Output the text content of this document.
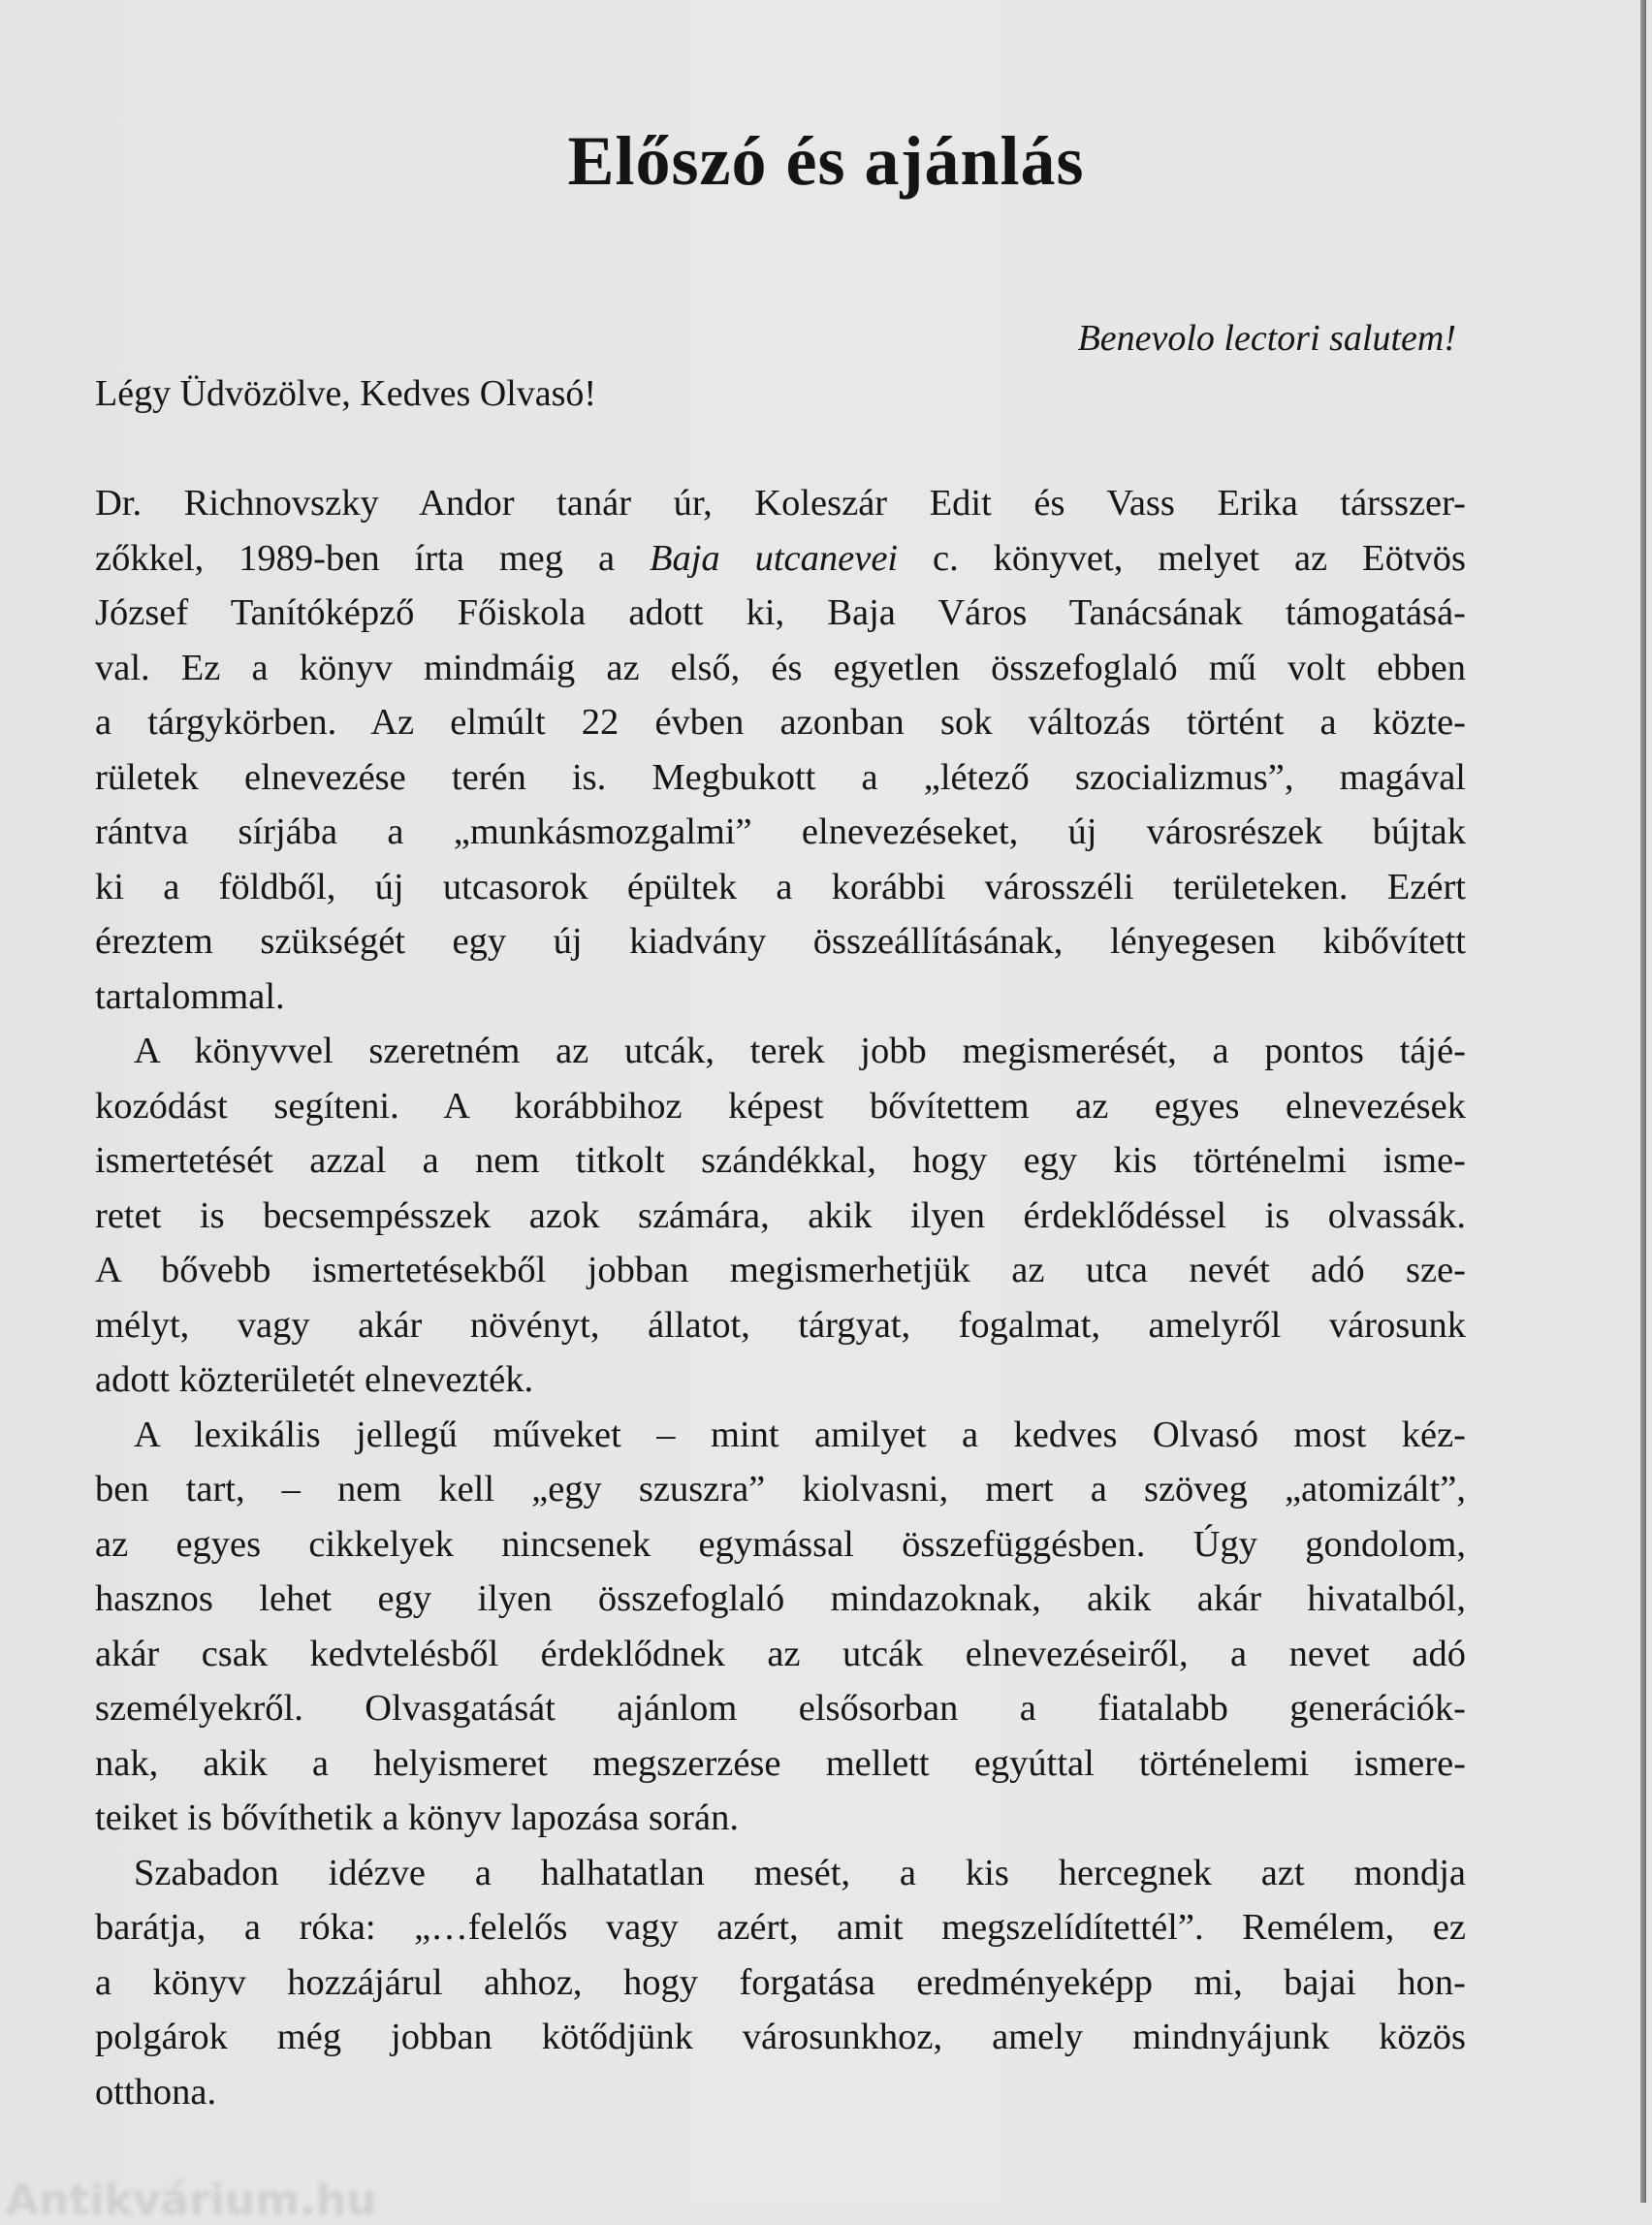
Előszó és ajánlás
Benevolo lectori salutem!
Légy Üdvözölve, Kedves Olvasó!
Dr. Richnovszky Andor tanár úr, Koleszár Edit és Vass Erika társszer-
zőkkel, 1989-ben írta meg a Baja utcanevei c. könyvet, melyet az Eötvös
József Tanítóképző Főiskola adott ki, Baja Város Tanácsának támogatásá-
val. Ez a könyv mindmáig az első, és egyetlen összefoglaló mű volt ebben
a tárgykörben. Az elmúlt 22 évben azonban sok változás történt a közte-
rületek elnevezése terén is. Megbukott a „létező szocializmus”, magával
rántva sírjába a „munkásmozgalmi” elnevezéseket, új városrészek bújtak
ki a földből, új utcasorok épültek a korábbi városszéli területeken. Ezért
éreztem szükségét egy új kiadvány összeállításának, lényegesen kibővített
tartalommal.
A könyvvel szeretném az utcák, terek jobb megismerését, a pontos tájé-
kozódást segíteni. A korábbihoz képest bővítettem az egyes elnevezések
ismertetését azzal a nem titkolt szándékkal, hogy egy kis történelmi isme-
retet is becsempésszek azok számára, akik ilyen érdeklődéssel is olvassák.
A bővebb ismertetésekből jobban megismerhetjük az utca nevét adó sze-
mélyt, vagy akár növényt, állatot, tárgyat, fogalmat, amelyről városunk
adott közterületét elnevezték.
A lexikális jellegű műveket – mint amilyet a kedves Olvasó most kéz-
ben tart, – nem kell „egy szuszra” kiolvasni, mert a szöveg „atomizált”,
az egyes cikkelyek nincsenek egymással összefüggésben. Úgy gondolom,
hasznos lehet egy ilyen összefoglaló mindazoknak, akik akár hivatalból,
akár csak kedvtelésből érdeklődnek az utcák elnevezéseiről, a nevet adó
személyekről. Olvasgatását ajánlom elsősorban a fiatalabb generációk-
nak, akik a helyismeret megszerzése mellett egyúttal történelemi ismere-
teiket is bővíthetik a könyv lapozása során.
Szabadon idézve a halhatatlan mesét, a kis hercegnek azt mondja
barátja, a róka: „…felelős vagy azért, amit megszelídítettél”. Remélem, ez
a könyv hozzájárul ahhoz, hogy forgatása eredményeképp mi, bajai hon-
polgárok még jobban kötődjünk városunkhoz, amely mindnyájunk közös
otthona.
Antikvárium.hu
